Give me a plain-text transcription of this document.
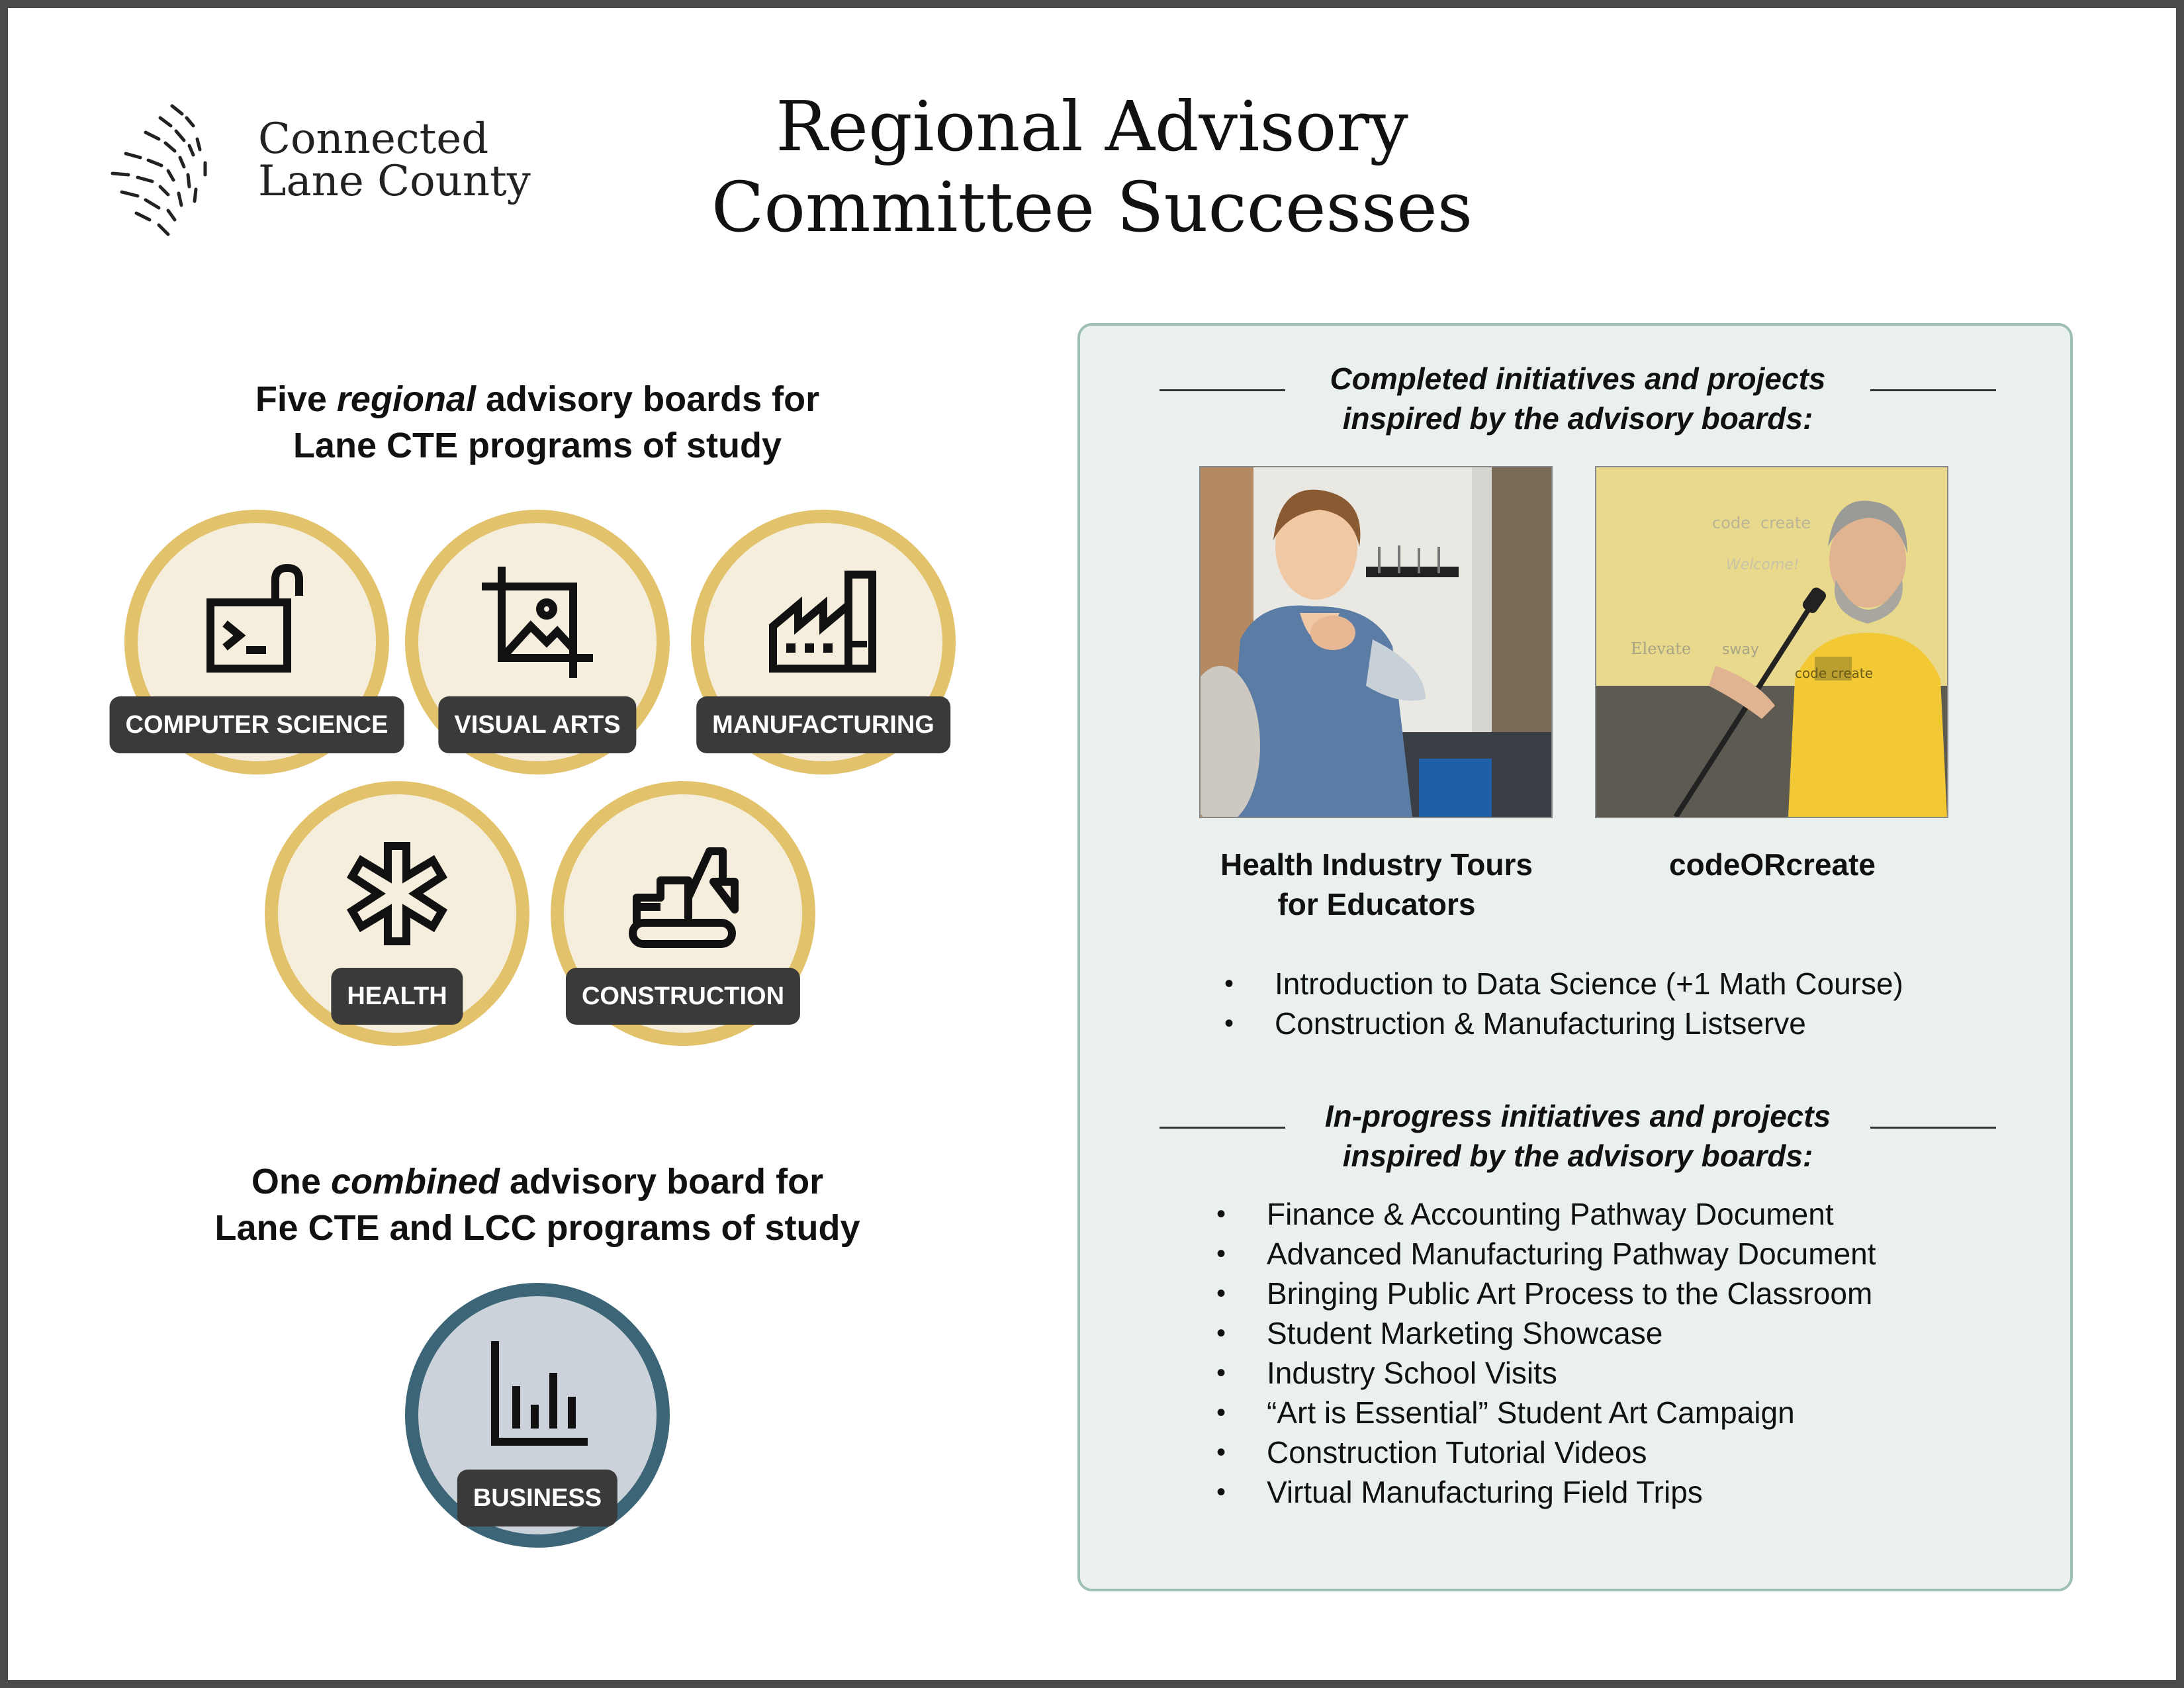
Connected
Lane County
Regional Advisory
Committee Successes
Five regional advisory boards for
Lane CTE programs of study
COMPUTER SCIENCE	VISUAL ARTS	MANUFACTURING
HEALTH	CONSTRUCTION
One combined advisory board for
Lane CTE and LCC programs of study
BUSINESS
Completed initiatives and projects
inspired by the advisory boards:
code create
Welcome!
Elevate sway
code create
Health Industry Tours
for Educators
codeORcreate
• Introduction to Data Science (+1 Math Course)
• Construction & Manufacturing Listserve
In-progress initiatives and projects
inspired by the advisory boards:
• Finance & Accounting Pathway Document
• Advanced Manufacturing Pathway Document
• Bringing Public Art Process to the Classroom
• Student Marketing Showcase
• Industry School Visits
• “Art is Essential” Student Art Campaign
• Construction Tutorial Videos
• Virtual Manufacturing Field Trips
